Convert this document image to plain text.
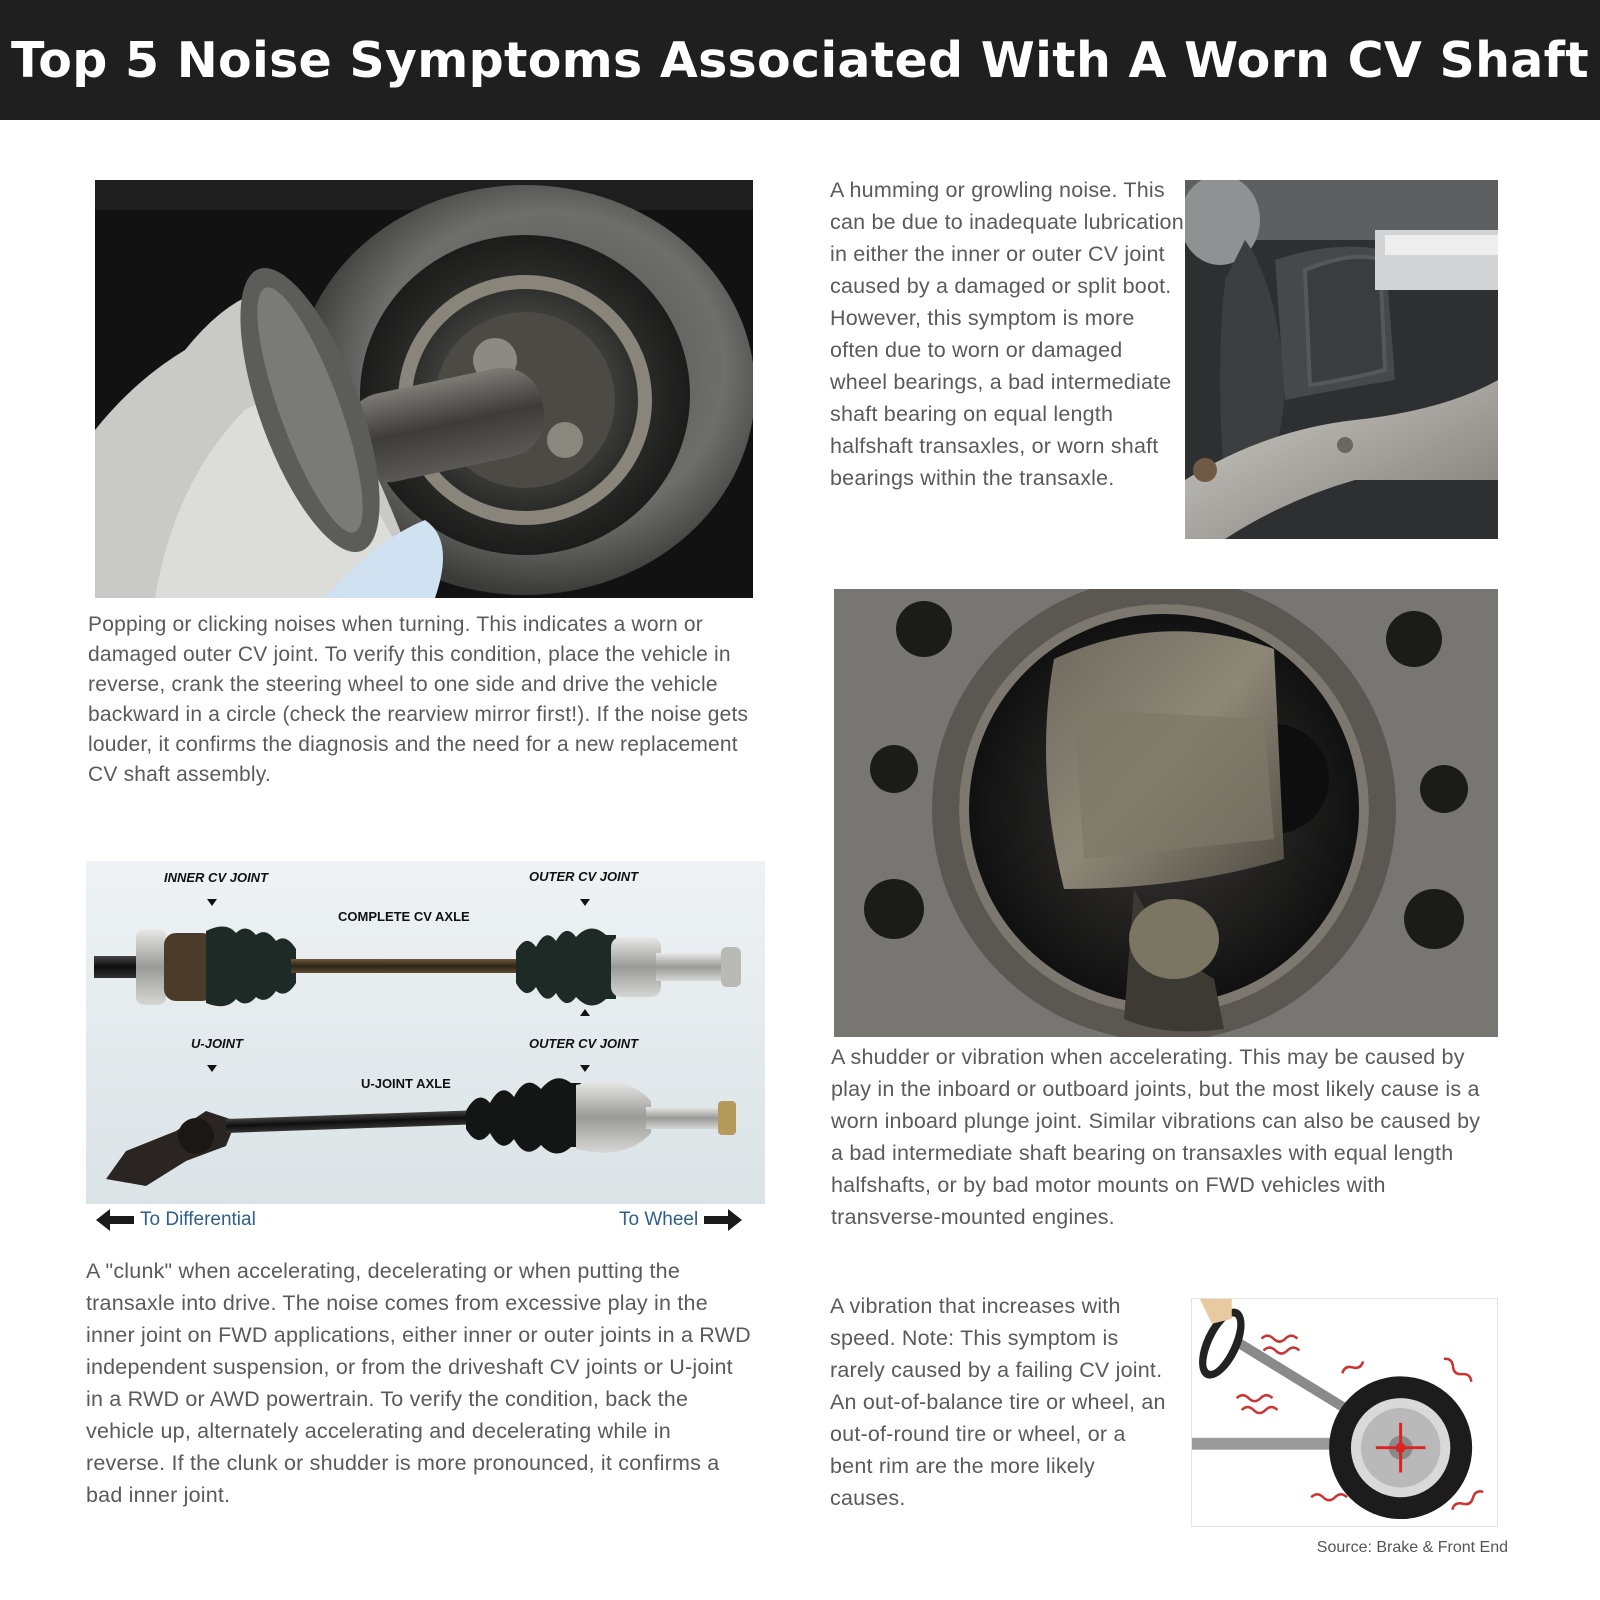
Top 5 Noise Symptoms Associated With A Worn CV Shaft
INNER CV JOINT	OUTER CV JOINT
COMPLETE CV AXLE
U-JOINT	OUTER CV JOINT
U-JOINT AXLE
To Differential	To Wheel

A humming or growling noise. This can be due to inadequate lubrication in either the inner or outer CV joint caused by a damaged or split boot. However, this symptom is more often due to worn or damaged wheel bearings, a bad intermediate shaft bearing on equal length halfshaft transaxles, or worn shaft bearings within the transaxle.

Popping or clicking noises when turning. This indicates a worn or damaged outer CV joint. To verify this condition, place the vehicle in reverse, crank the steering wheel to one side and drive the vehicle backward in a circle (check the rearview mirror first!). If the noise gets louder, it confirms the diagnosis and the need for a new replacement CV shaft assembly.

A shudder or vibration when accelerating. This may be caused by play in the inboard or outboard joints, but the most likely cause is a worn inboard plunge joint. Similar vibrations can also be caused by a bad intermediate shaft bearing on transaxles with equal length halfshafts, or by bad motor mounts on FWD vehicles with transverse-mounted engines.

A "clunk" when accelerating, decelerating or when putting the transaxle into drive. The noise comes from excessive play in the inner joint on FWD applications, either inner or outer joints in a RWD independent suspension, or from the driveshaft CV joints or U-joint in a RWD or AWD powertrain. To verify the condition, back the vehicle up, alternately accelerating and decelerating while in reverse. If the clunk or shudder is more pronounced, it confirms a bad inner joint.

A vibration that increases with speed. Note: This symptom is rarely caused by a failing CV joint. An out-of-balance tire or wheel, an out-of-round tire or wheel, or a bent rim are the more likely causes.

Source: Brake & Front End
